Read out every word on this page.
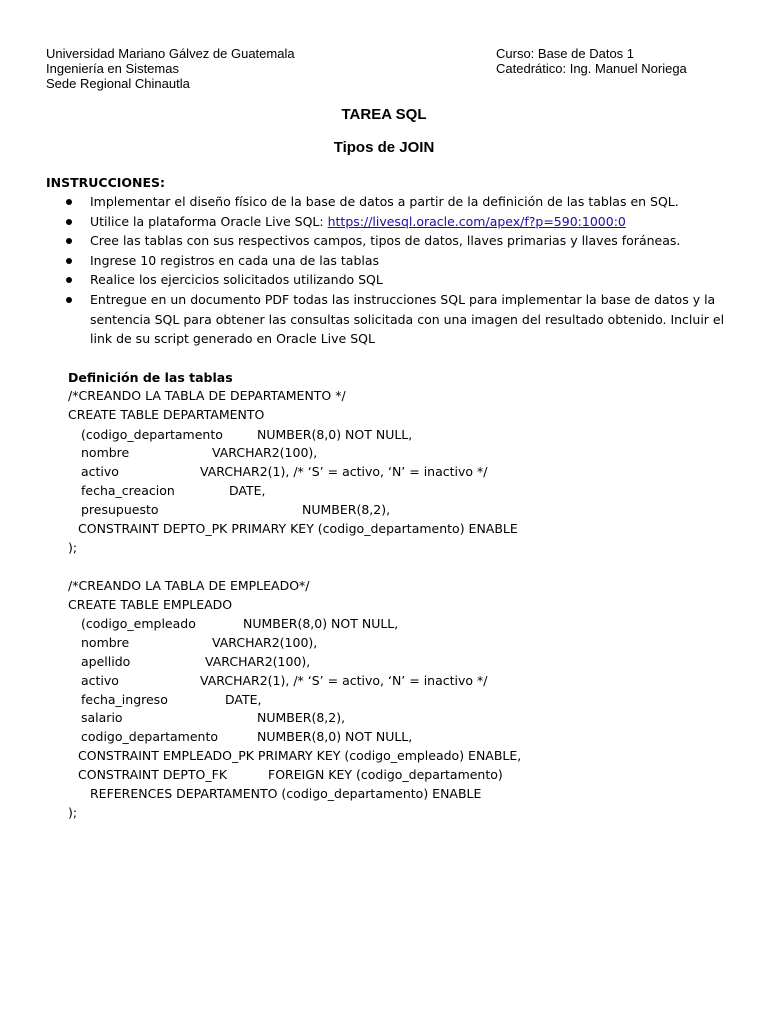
Universidad Mariano Gálvez de Guatemala
Ingeniería en Sistemas
Sede Regional Chinautla
Curso: Base de Datos 1
Catedrático: Ing. Manuel Noriega
TAREA SQL
Tipos de JOIN
INSTRUCCIONES:
Implementar el diseño físico de la base de datos a partir de la definición de las tablas en SQL.
Utilice la plataforma Oracle Live SQL: https://livesql.oracle.com/apex/f?p=590:1000:0
Cree las tablas con sus respectivos campos, tipos de datos, llaves primarias y llaves foráneas.
Ingrese 10 registros en cada una de las tablas
Realice los ejercicios solicitados utilizando SQL
Entregue en un documento PDF todas las instrucciones SQL para implementar la base de datos y la
sentencia SQL para obtener las consultas solicitada con una imagen del resultado obtenido. Incluir el
link de su script generado en Oracle Live SQL
Definición de las tablas
/*CREANDO LA TABLA DE DEPARTAMENTO */
CREATE TABLE DEPARTAMENTO
(codigo_departamento	NUMBER(8,0) NOT NULL,
nombre	VARCHAR2(100),
activo	VARCHAR2(1), /* ‘S’ = activo, ‘N’ = inactivo */
fecha_creacion	DATE,
presupuesto	NUMBER(8,2),
CONSTRAINT DEPTO_PK PRIMARY KEY (codigo_departamento) ENABLE
);
/*CREANDO LA TABLA DE EMPLEADO*/
CREATE TABLE EMPLEADO
(codigo_empleado	NUMBER(8,0) NOT NULL,
nombre	VARCHAR2(100),
apellido	VARCHAR2(100),
activo	VARCHAR2(1), /* ‘S’ = activo, ‘N’ = inactivo */
fecha_ingreso	DATE,
salario	NUMBER(8,2),
codigo_departamento	NUMBER(8,0) NOT NULL,
CONSTRAINT EMPLEADO_PK PRIMARY KEY (codigo_empleado) ENABLE,
CONSTRAINT DEPTO_FK	FOREIGN KEY (codigo_departamento)
REFERENCES DEPARTAMENTO (codigo_departamento) ENABLE
);
